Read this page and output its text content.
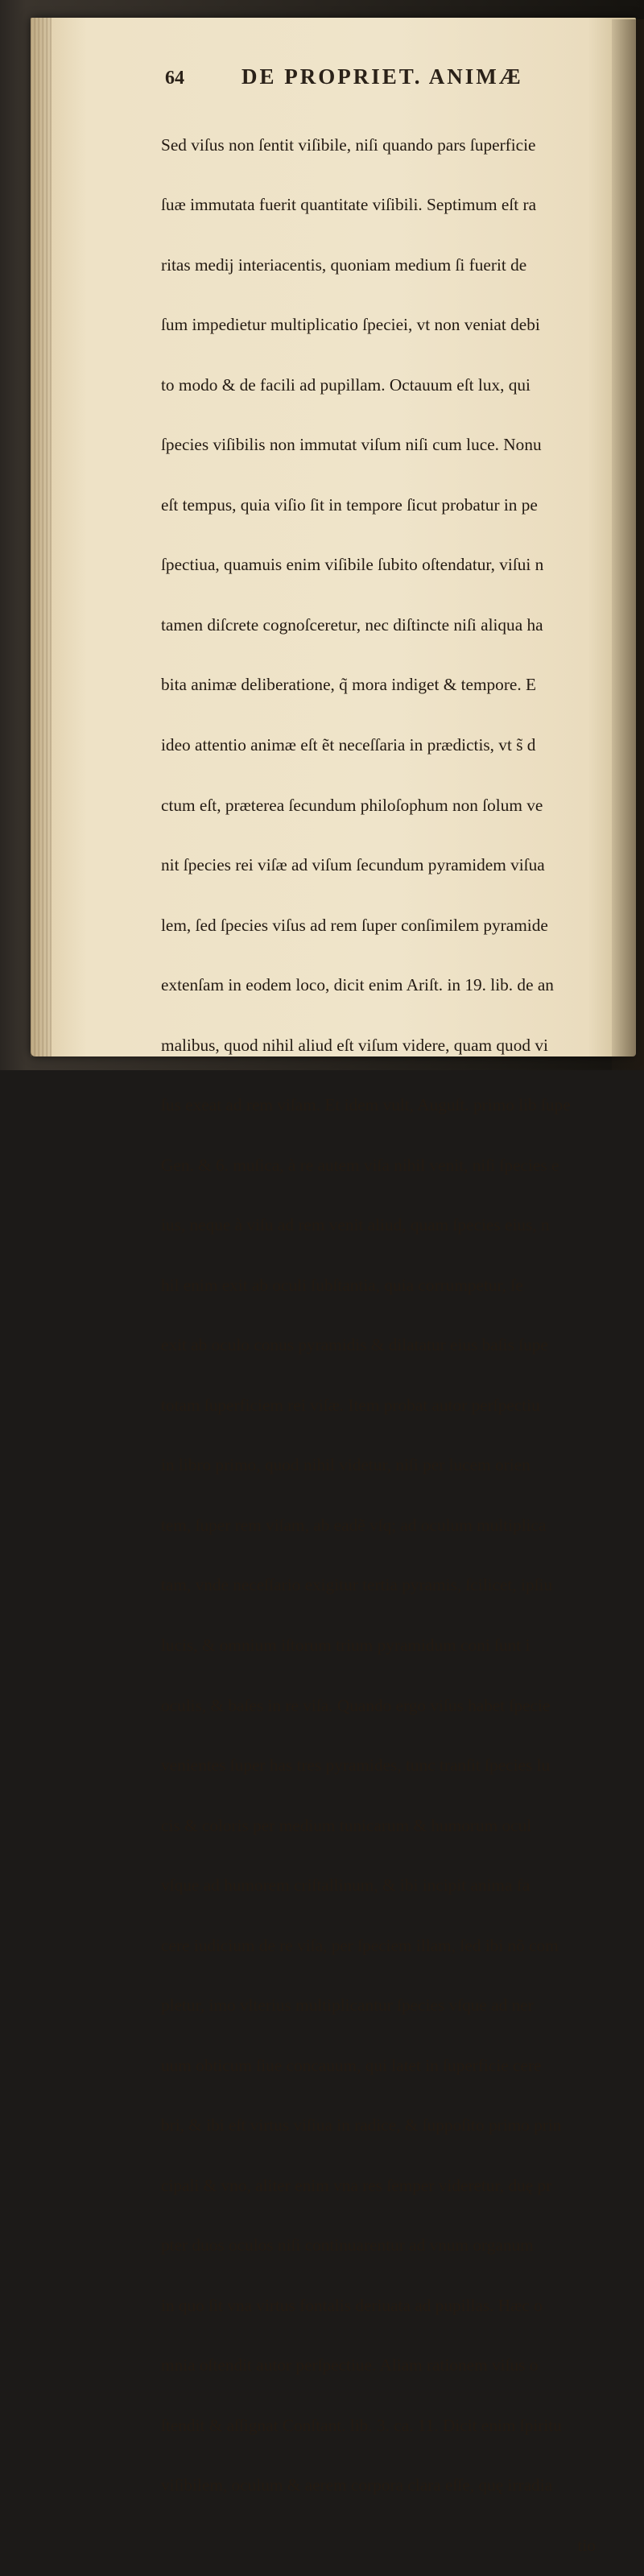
64	DE PROPRIET. ANIMÆ

Sed viſus non ſentit viſibile, niſi quando pars ſuperficie

ſuæ immutata fuerit quantitate viſibili. Septimum eſt ra

ritas medij interiacentis, quoniam medium ſi fuerit de

ſum impedietur multiplicatio ſpeciei, vt non veniat debi

to modo & de facili ad pupillam. Octauum eſt lux, qui

ſpecies viſibilis non immutat viſum niſi cum luce. Nonu

eſt tempus, quia viſio ſit in tempore ſicut probatur in pe

ſpectiua, quamuis enim viſibile ſubito oſtendatur, viſui n

tamen diſcrete cognoſceretur, nec diſtincte niſi aliqua ha

bita animæ deliberatione, q̃ mora indiget & tempore. E

ideo attentio animæ eſt ẽt neceſſaria in prædictis, vt s̃ d

ctum eſt, præterea ſecundum philoſophum non ſolum ve

nit ſpecies rei viſæ ad viſum ſecundum pyramidem viſua

lem, ſed ſpecies viſus ad rem ſuper conſimilem pyramide

extenſam in eodem loco, dicit enim Ariſt. in 19. lib. de an

malibus, quod nihil aliud eſt viſum videre, quam quod vi

ſus exeat ad rem viſam. Et idem vult, Auguſt. primo lib ſupe

Gen. & 6. muſica, à re autem viſa nihil venit, niſi ſpecies e

ius, neque à viſu ad rem venit aliud, quam ſpecies eius, n

hil enim exit ab oculi ſubſtantia, quia corrumpetur, ſe

exit ab oculo conus pyramidis & dilatatur eius baſis ſupe

totam ſuperficiem rei viſæ. Item probat autor perſpectiu

in libro primo, quod nihil videtur, niſi per lucem orien

tem, ſuper rem viſam, ab eadẽ vſq; ad oculum multiplica

tam, vnde neceſſario exigitur tertia pyramis, ſcilicet, ipſiu

lucis, & omnium iſtorum trium pyramidum coni ſunt i

oculis, & baſes in re viſa. Quando ergo viſus habet ſpecie

venientes ſuper has tres pyramides, tunc tranſit ſpecies lu

cis & coloris per medium tunicarum & humorum ocul

vſque ad humorem criſtallinum, & ibi incipit anima fa

cere iudicium de re viſa, per ſpeciem illam, ſed ibi nõ com

pletur, imo vlterius multiplicantur ſpecies vſque ad ner

uum obticum ſiue concauum, qui latet in ſuperficie cere

bri, & ibi eſt virtus viſiua in radice, & ſuppoſito primo prin

cipali & vno, aliter enim vna res ſemper videretur, duę pr

pter duos oculos niſi continuarentur ad vnum organum

in quo ſit vna virtus fontalis deriuata ad pupillas. Hæc o

mnia oſtendit autor perſpectiue. Aliam rationem viſus o

ſtendit & aſſignat Conſtant. lib. 3. ca. 11. Dicit enim ſpiritu

viſibilem, oculum & aerem corpora clara eſſe, quę irradia

tio
